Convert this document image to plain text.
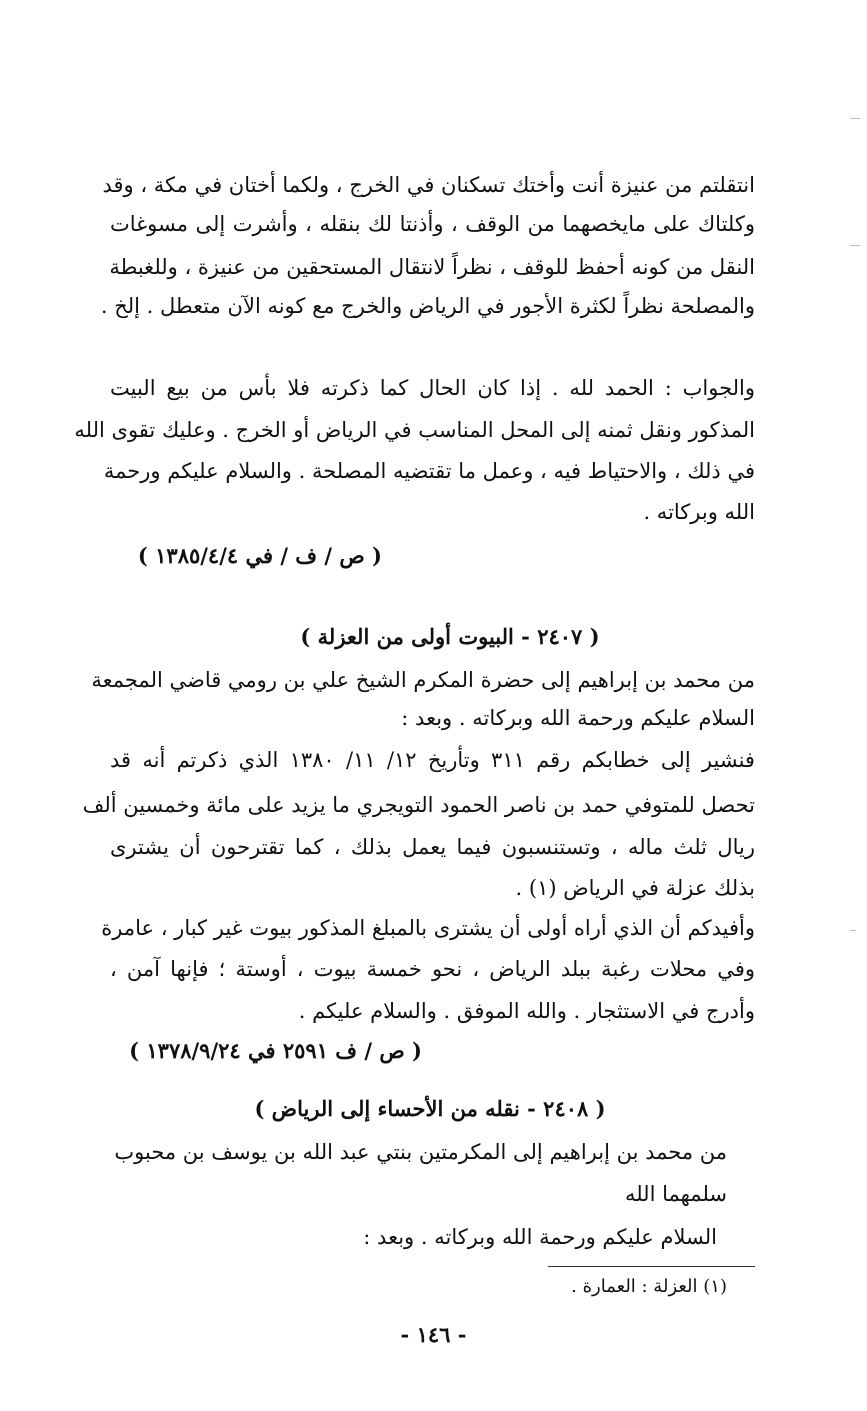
انتقلتم من عنيزة أنت وأختك تسكنان في الخرج ، ولكما أختان في مكة ، وقد
وكلتاك على مايخصهما من الوقف ، وأذنتا لك بنقله ، وأشرت إلى مسوغات
النقل من كونه أحفظ للوقف ، نظراً لانتقال المستحقين من عنيزة ، وللغبطة
والمصلحة نظراً لكثرة الأجور في الرياض والخرج مع كونه الآن متعطل . إلخ .
والجواب : الحمد لله . إذا كان الحال كما ذكرته فلا بأس من بيع البيت
المذكور ونقل ثمنه إلى المحل المناسب في الرياض أو الخرج . وعليك تقوى الله
في ذلك ، والاحتياط فيه ، وعمل ما تقتضيه المصلحة . والسلام عليكم ورحمة
الله وبركاته .
( ص / ف / في ١٣٨٥/٤/٤ )
( ٢٤٠٧ - البيوت أولى من العزلة )
من محمد بن إبراهيم إلى حضرة المكرم الشيخ علي بن رومي قاضي المجمعة
السلام عليكم ورحمة الله وبركاته . وبعد :
فنشير إلى خطابكم رقم ٣١١ وتأريخ ١٢/ ١١/ ١٣٨٠ الذي ذكرتم أنه قد
تحصل للمتوفي حمد بن ناصر الحمود التويجري ما يزيد على مائة وخمسين ألف
ريال ثلث ماله ، وتستنسبون فيما يعمل بذلك ، كما تقترحون أن يشترى
بذلك عزلة في الرياض (١) .
وأفيدكم أن الذي أراه أولى أن يشترى بالمبلغ المذكور بيوت غير كبار ، عامرة
وفي محلات رغبة ببلد الرياض ، نحو خمسة بيوت ، أوستة ؛ فإنها آمن ،
وأدرج في الاستثجار . والله الموفق . والسلام عليكم .
( ص / ف ٢٥٩١ في ١٣٧٨/٩/٢٤ )
( ٢٤٠٨ - نقله من الأحساء إلى الرياض )
من محمد بن إبراهيم إلى المكرمتين بنتي عبد الله بن يوسف بن محبوب
سلمهما الله
السلام عليكم ورحمة الله وبركاته . وبعد :
(١) العزلة : العمارة .
- ١٤٦ -
